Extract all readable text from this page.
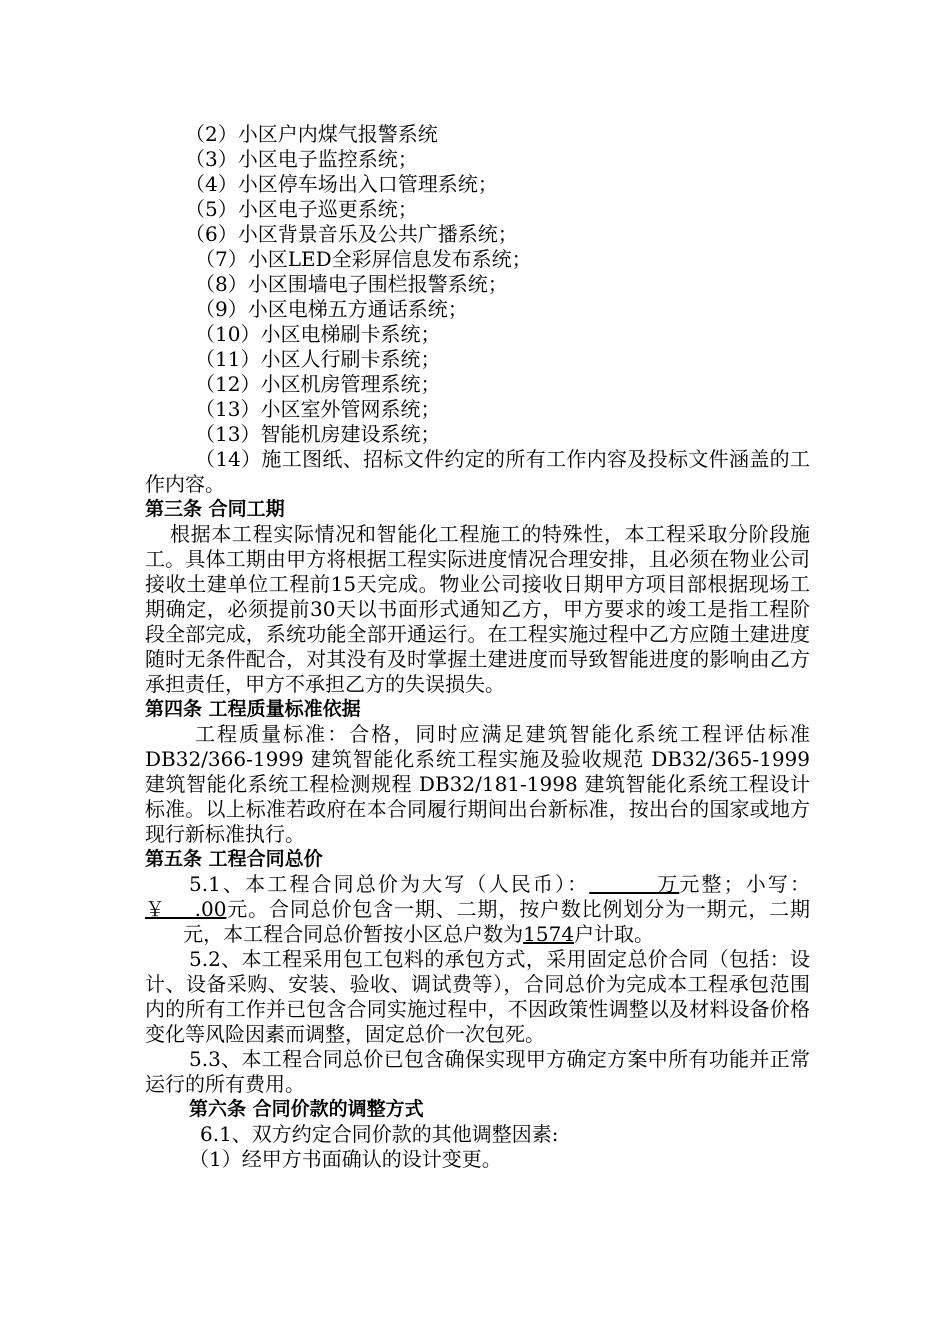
（2）小区户内煤气报警系统
（3）小区电子监控系统；
（4）小区停车场出入口管理系统；
（5）小区电子巡更系统；
（6）小区背景音乐及公共广播系统；
（7）小区LED全彩屏信息发布系统；
（8）小区围墙电子围栏报警系统；
（9）小区电梯五方通话系统；
（10）小区电梯刷卡系统；
（11）小区人行刷卡系统；
（12）小区机房管理系统；
（13）小区室外管网系统；
（13）智能机房建设系统；
（14）施工图纸、招标文件约定的所有工作内容及投标文件涵盖的工作内容。
第三条 合同工期
根据本工程实际情况和智能化工程施工的特殊性，本工程采取分阶段施工。具体工期由甲方将根据工程实际进度情况合理安排，且必须在物业公司接收土建单位工程前15天完成。物业公司接收日期甲方项目部根据现场工期确定，必须提前30天以书面形式通知乙方，甲方要求的竣工是指工程阶段全部完成，系统功能全部开通运行。在工程实施过程中乙方应随土建进度随时无条件配合，对其没有及时掌握土建进度而导致智能进度的影响由乙方承担责任，甲方不承担乙方的失误损失。
第四条 工程质量标准依据
工程质量标准：合格，同时应满足建筑智能化系统工程评估标准 DB32/366-1999 建筑智能化系统工程实施及验收规范 DB32/365-1999 建筑智能化系统工程检测规程 DB32/181-1998 建筑智能化系统工程设计标准。以上标准若政府在本合同履行期间出台新标准，按出台的国家或地方现行新标准执行。
第五条 工程合同总价
5.1、本工程合同总价为大写（人民币）：        万元整；小写：￥    .00元。合同总价包含一期、二期，按户数比例划分为一期元，二期      元，本工程合同总价暂按小区总户数为1574户计取。
5.2、本工程采用包工包料的承包方式，采用固定总价合同（包括：设计、设备采购、安装、验收、调试费等），合同总价为完成本工程承包范围内的所有工作并已包含合同实施过程中，不因政策性调整以及材料设备价格变化等风险因素而调整，固定总价一次包死。
5.3、本工程合同总价已包含确保实现甲方确定方案中所有功能并正常运行的所有费用。
第六条 合同价款的调整方式
6.1、双方约定合同价款的其他调整因素:
（1）经甲方书面确认的设计变更。
